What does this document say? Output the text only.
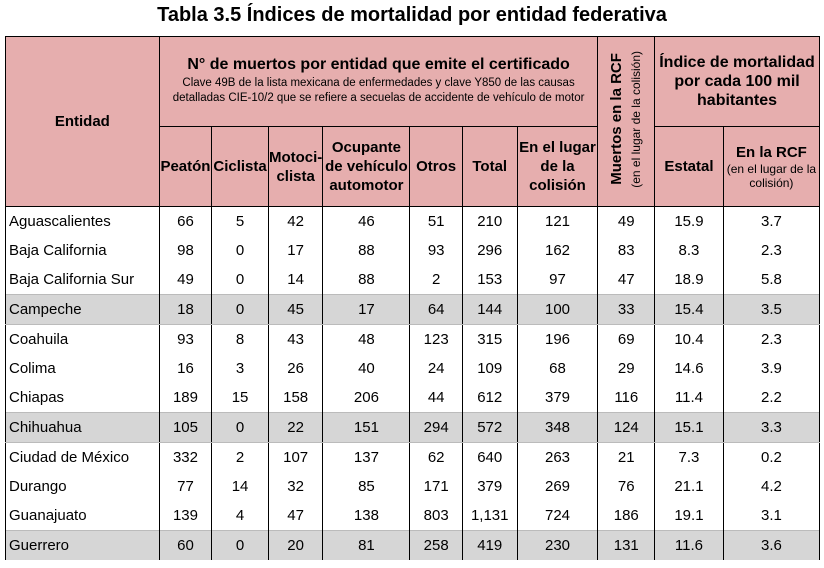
Tabla 3.5 Índices de mortalidad por entidad federativa
Entidad	N° de muertos por entidad que emite el certificado
Clave 49B de la lista mexicana de enfermedades y clave Y850 de las causas detalladas CIE-10/2 que se refiere a secuelas de accidente de vehículo de motor							Muertos en la RCF (en el lugar de la colisión)	Índice de mortalidad por cada 100 mil habitantes	
	Peatón	Ciclista	Motoci-clista	Ocupante de vehículo automotor	Otros	Total	En el lugar de la colisión		Estatal	En la RCF
(en el lugar de la colisión)

Aguascalientes	66	5	42	46	51	210	121	49	15.9	3.7
Baja California	98	0	17	88	93	296	162	83	8.3	2.3
Baja California Sur	49	0	14	88	2	153	97	47	18.9	5.8
Campeche	18	0	45	17	64	144	100	33	15.4	3.5
Coahuila	93	8	43	48	123	315	196	69	10.4	2.3
Colima	16	3	26	40	24	109	68	29	14.6	3.9
Chiapas	189	15	158	206	44	612	379	116	11.4	2.2
Chihuahua	105	0	22	151	294	572	348	124	15.1	3.3
Ciudad de México	332	2	107	137	62	640	263	21	7.3	0.2
Durango	77	14	32	85	171	379	269	76	21.1	4.2
Guanajuato	139	4	47	138	803	1,131	724	186	19.1	3.1
Guerrero	60	0	20	81	258	419	230	131	11.6	3.6
